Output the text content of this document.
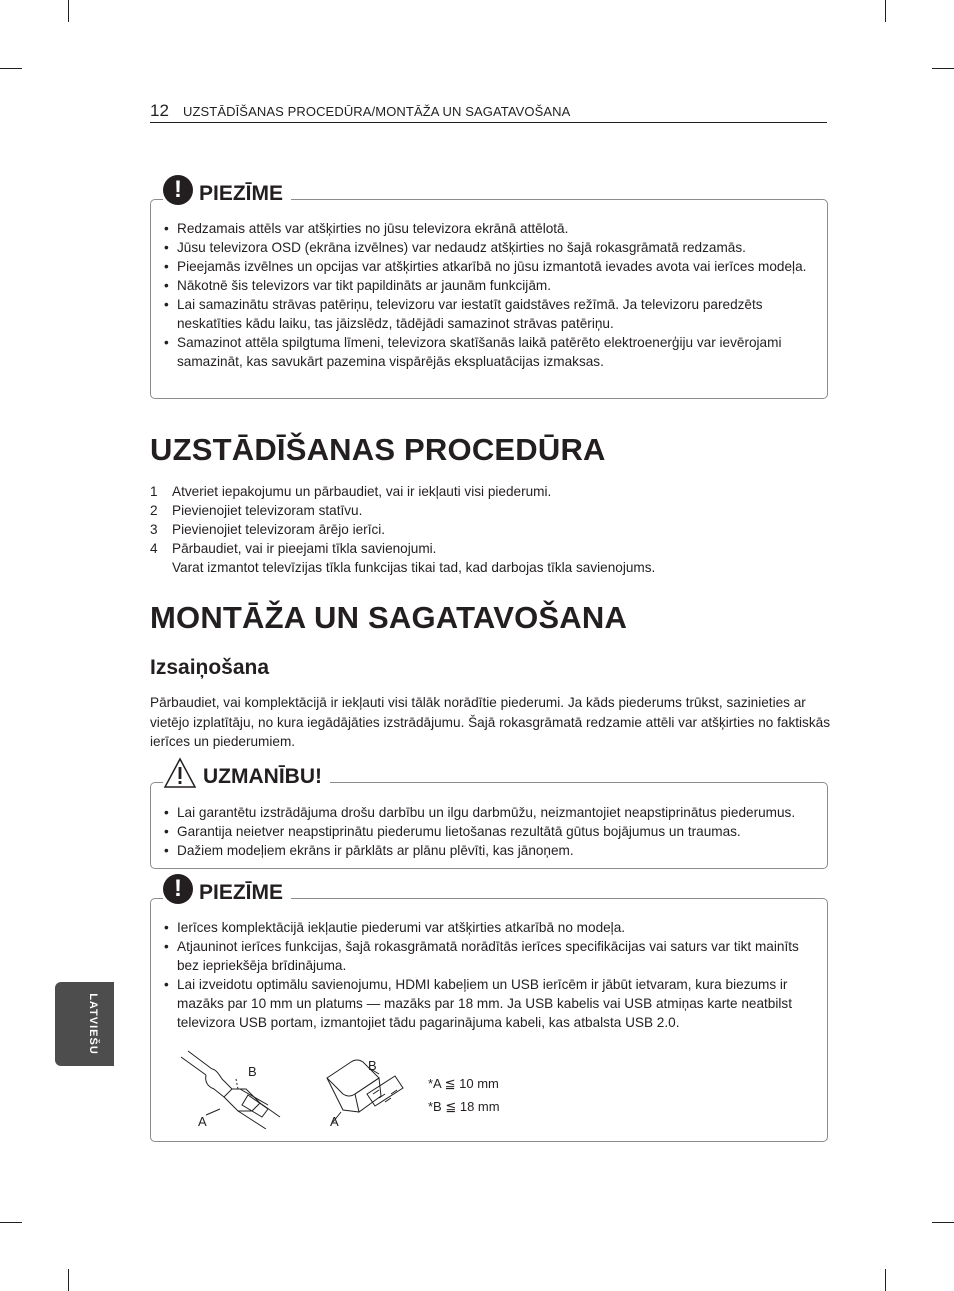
12 UZSTĀDĪŠANAS PROCEDŪRA/MONTĀŽA UN SAGATAVOŠANA
! PIEZĪME
• Redzamais attēls var atšķirties no jūsu televizora ekrānā attēlotā.
• Jūsu televizora OSD (ekrāna izvēlnes) var nedaudz atšķirties no šajā rokasgrāmatā redzamās.
• Pieejamās izvēlnes un opcijas var atšķirties atkarībā no jūsu izmantotā ievades avota vai ierīces modeļa.
• Nākotnē šis televizors var tikt papildināts ar jaunām funkcijām.
• Lai samazinātu strāvas patēriņu, televizoru var iestatīt gaidstāves režīmā. Ja televizoru paredzēts neskatīties kādu laiku, tas jāizslēdz, tādējādi samazinot strāvas patēriņu.
• Samazinot attēla spilgtuma līmeni, televizora skatīšanās laikā patērēto elektroenerģiju var ievērojami samazināt, kas savukārt pazemina vispārējās ekspluatācijas izmaksas.
UZSTĀDĪŠANAS PROCEDŪRA
1 Atveriet iepakojumu un pārbaudiet, vai ir iekļauti visi piederumi.
2 Pievienojiet televizoram statīvu.
3 Pievienojiet televizoram ārējo ierīci.
4 Pārbaudiet, vai ir pieejami tīkla savienojumi.
Varat izmantot televīzijas tīkla funkcijas tikai tad, kad darbojas tīkla savienojums.
MONTĀŽA UN SAGATAVOŠANA
Izsaiņošana
Pārbaudiet, vai komplektācijā ir iekļauti visi tālāk norādītie piederumi. Ja kāds piederums trūkst, sazinieties ar vietējo izplatītāju, no kura iegādājāties izstrādājumu. Šajā rokasgrāmatā redzamie attēli var atšķirties no faktiskās ierīces un piederumiem.
UZMANĪBU!
• Lai garantētu izstrādājuma drošu darbību un ilgu darbmūžu, neizmantojiet neapstiprinātus piederumus.
• Garantija neietver neapstiprinātu piederumu lietošanas rezultātā gūtus bojājumus un traumas.
• Dažiem modeļiem ekrāns ir pārklāts ar plānu plēvīti, kas jānoņem.
! PIEZĪME
• Ierīces komplektācijā iekļautie piederumi var atšķirties atkarībā no modeļa.
• Atjauninot ierīces funkcijas, šajā rokasgrāmatā norādītās ierīces specifikācijas vai saturs var tikt mainīts bez iepriekšēja brīdinājuma.
• Lai izveidotu optimālu savienojumu, HDMI kabeļiem un USB ierīcēm ir jābūt ietvaram, kura biezums ir mazāks par 10 mm un platums — mazāks par 18 mm. Ja USB kabelis vai USB atmiņas karte neatbilst televizora USB portam, izmantojiet tādu pagarinājuma kabeli, kas atbalsta USB 2.0.
B
A
B
A
*A ≦ 10 mm
*B ≦ 18 mm
LATVIEŠU
